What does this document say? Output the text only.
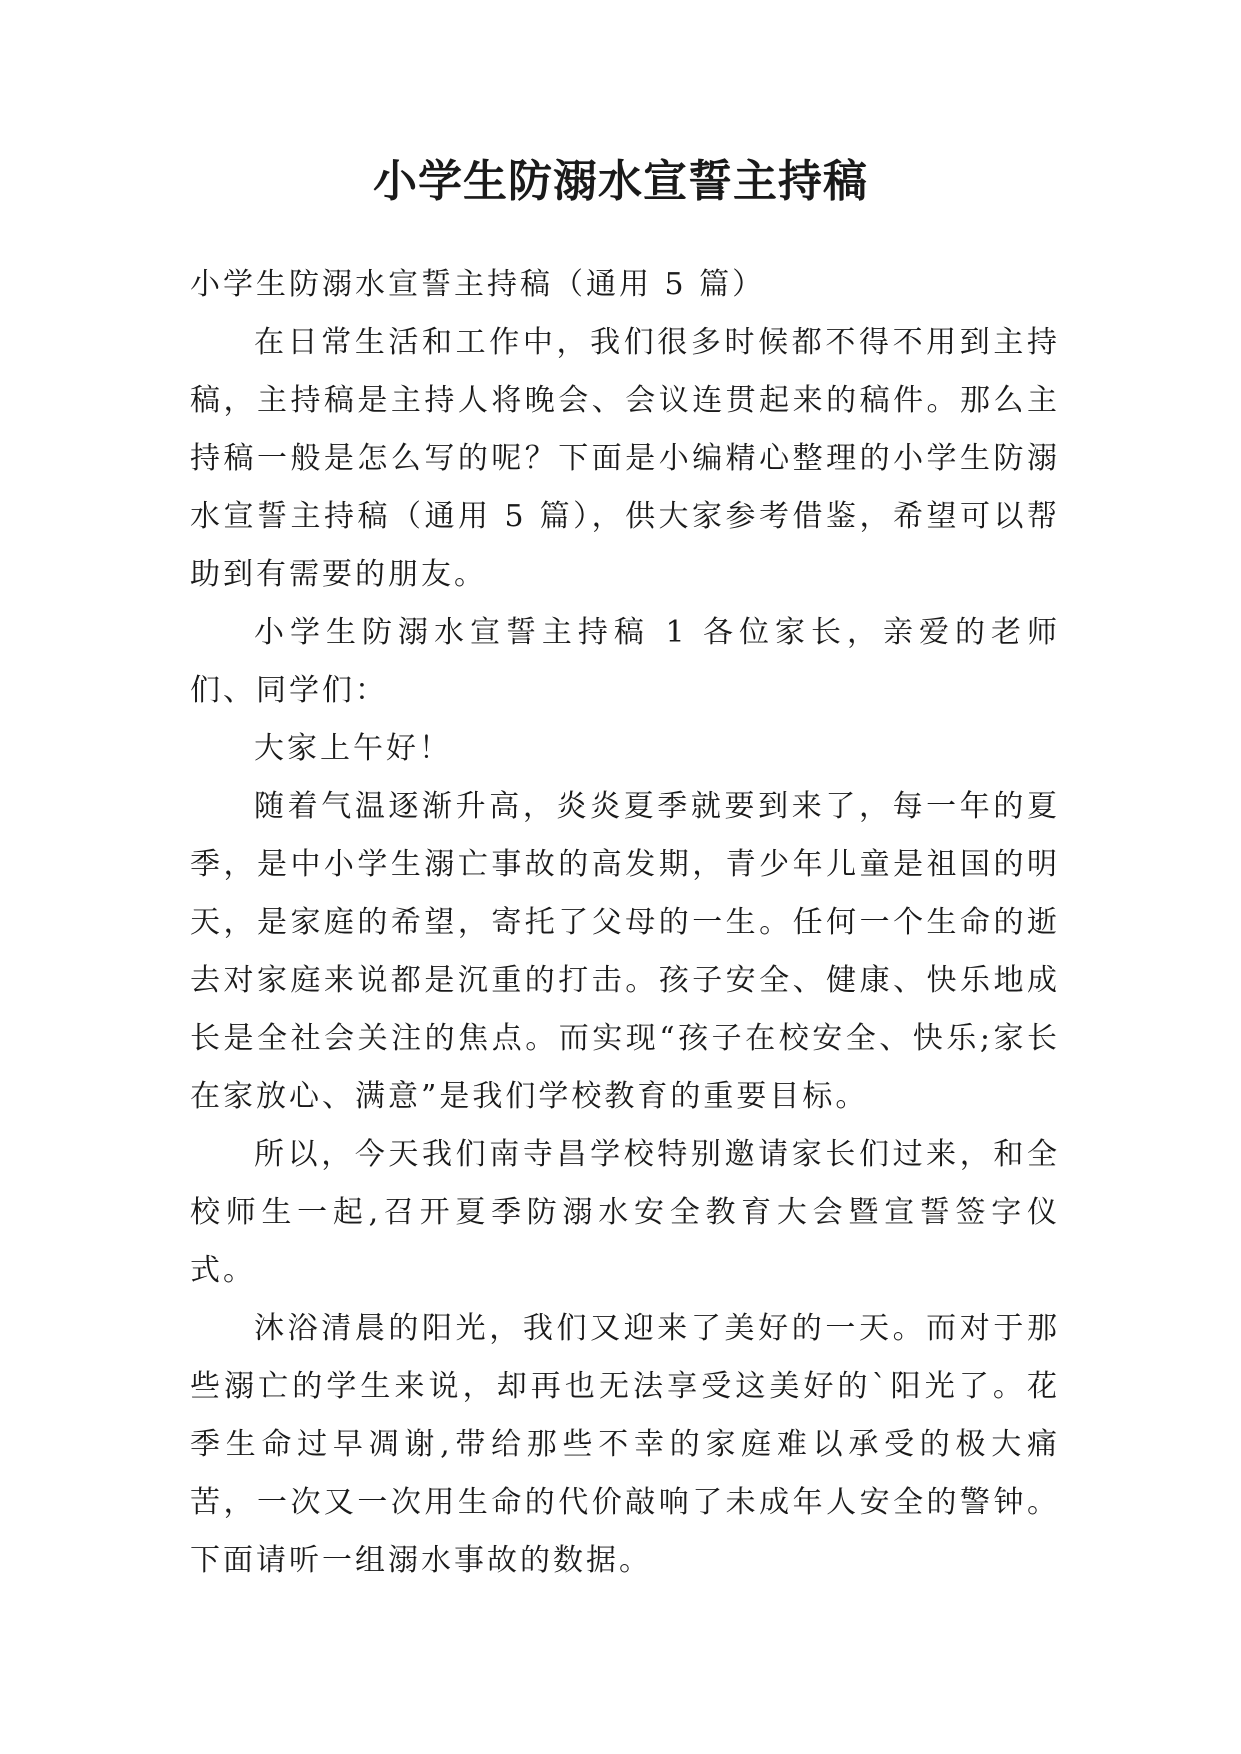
小学生防溺水宣誓主持稿

小学生防溺水宣誓主持稿（通用 5 篇）

在日常生活和工作中，我们很多时候都不得不用到主持稿，主持稿是主持人将晚会、会议连贯起来的稿件。那么主持稿一般是怎么写的呢？下面是小编精心整理的小学生防溺水宣誓主持稿（通用 5 篇），供大家参考借鉴，希望可以帮助到有需要的朋友。

小学生防溺水宣誓主持稿 1 各位家长，亲爱的老师们、同学们：

大家上午好！

随着气温逐渐升高，炎炎夏季就要到来了，每一年的夏季，是中小学生溺亡事故的高发期，青少年儿童是祖国的明天，是家庭的希望，寄托了父母的一生。任何一个生命的逝去对家庭来说都是沉重的打击。孩子安全、健康、快乐地成长是全社会关注的焦点。而实现“孩子在校安全、快乐;家长在家放心、满意”是我们学校教育的重要目标。

所以，今天我们南寺昌学校特别邀请家长们过来，和全校师生一起,召开夏季防溺水安全教育大会暨宣誓签字仪式。

沐浴清晨的阳光，我们又迎来了美好的一天。而对于那些溺亡的学生来说，却再也无法享受这美好的`阳光了。花季生命过早凋谢,带给那些不幸的家庭难以承受的极大痛苦，一次又一次用生命的代价敲响了未成年人安全的警钟。下面请听一组溺水事故的数据。
